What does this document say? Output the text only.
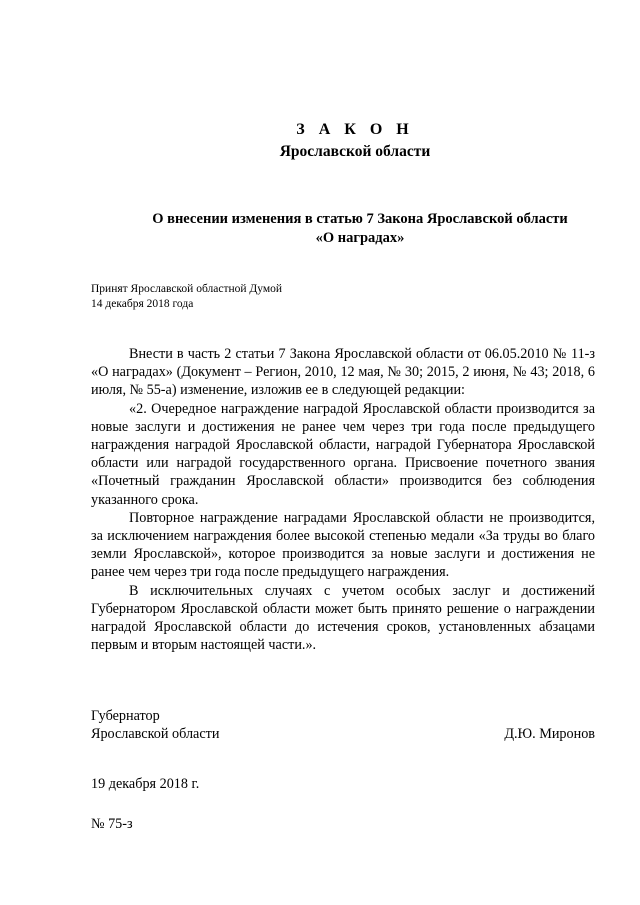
З А К О Н
Ярославской области
О внесении изменения в статью 7 Закона Ярославской области
«О наградах»
Принят Ярославской областной Думой
14 декабря 2018 года

Внести в часть 2 статьи 7 Закона Ярославской области от 06.05.2010 № 11-з «О наградах» (Документ – Регион, 2010, 12 мая, № 30; 2015, 2 июня, № 43; 2018, 6 июля, № 55-а) изменение, изложив ее в следующей редакции:

«2. Очередное награждение наградой Ярославской области производится за новые заслуги и достижения не ранее чем через три года после предыдущего награждения наградой Ярославской области, наградой Губернатора Ярославской области или наградой государственного органа. Присвоение почетного звания «Почетный гражданин Ярославской области» производится без соблюдения указанного срока.

Повторное награждение наградами Ярославской области не производится, за исключением награждения более высокой степенью медали «За труды во благо земли Ярославской», которое производится за новые заслуги и достижения не ранее чем через три года после предыдущего награждения.

В исключительных случаях с учетом особых заслуг и достижений Губернатором Ярославской области может быть принято решение о награждении наградой Ярославской области до истечения сроков, установленных абзацами первым и вторым настоящей части.».

Губернатор
Ярославской области	Д.Ю. Миронов
19 декабря 2018 г.
№ 75-з
